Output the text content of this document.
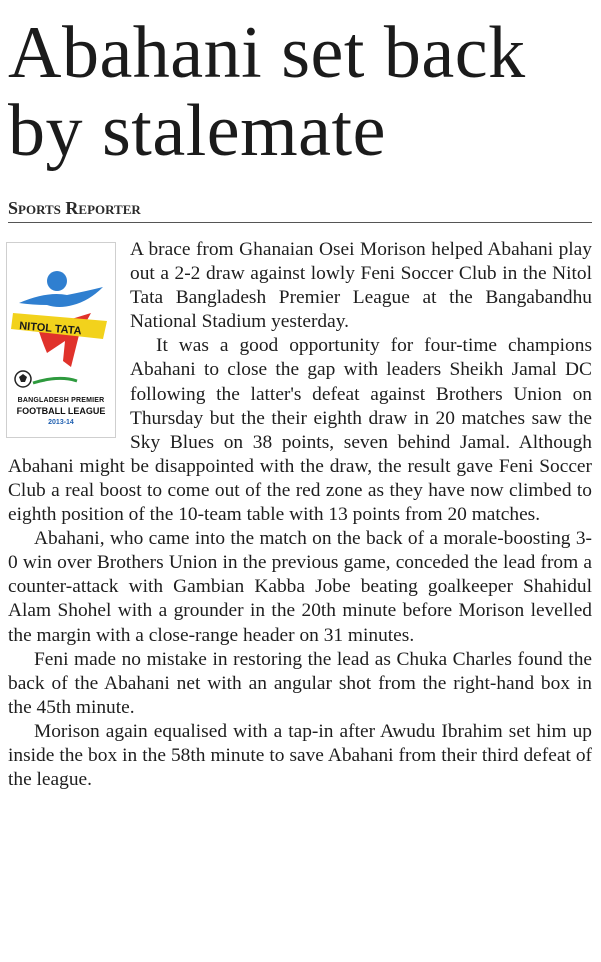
Abahani set back by stalemate
Sports Reporter
NITOL TATA
BANGLADESH PREMIER
FOOTBALL LEAGUE
2013-14

A brace from Ghanaian Osei Morison helped Abahani play out a 2-2 draw against lowly Feni Soccer Club in the Nitol Tata Bangladesh Premier League at the Bangabandhu National Stadium yesterday.

It was a good opportunity for four-time champions Abahani to close the gap with leaders Sheikh Jamal DC following the latter's defeat against Brothers Union on Thursday but the their eighth draw in 20 matches saw the Sky Blues on 38 points, seven behind Jamal. Although Abahani might be disappointed with the draw, the result gave Feni Soccer Club a real boost to come out of the red zone as they have now climbed to eighth position of the 10-team table with 13 points from 20 matches.

Abahani, who came into the match on the back of a morale-boosting 3-0 win over Brothers Union in the previous game, conceded the lead from a counter-attack with Gambian Kabba Jobe beating goalkeeper Shahidul Alam Shohel with a grounder in the 20th minute before Morison levelled the margin with a close-range header on 31 minutes.

Feni made no mistake in restoring the lead as Chuka Charles found the back of the Abahani net with an angular shot from the right-hand box in the 45th minute.

Morison again equalised with a tap-in after Awudu Ibrahim set him up inside the box in the 58th minute to save Abahani from their third defeat of the league.
